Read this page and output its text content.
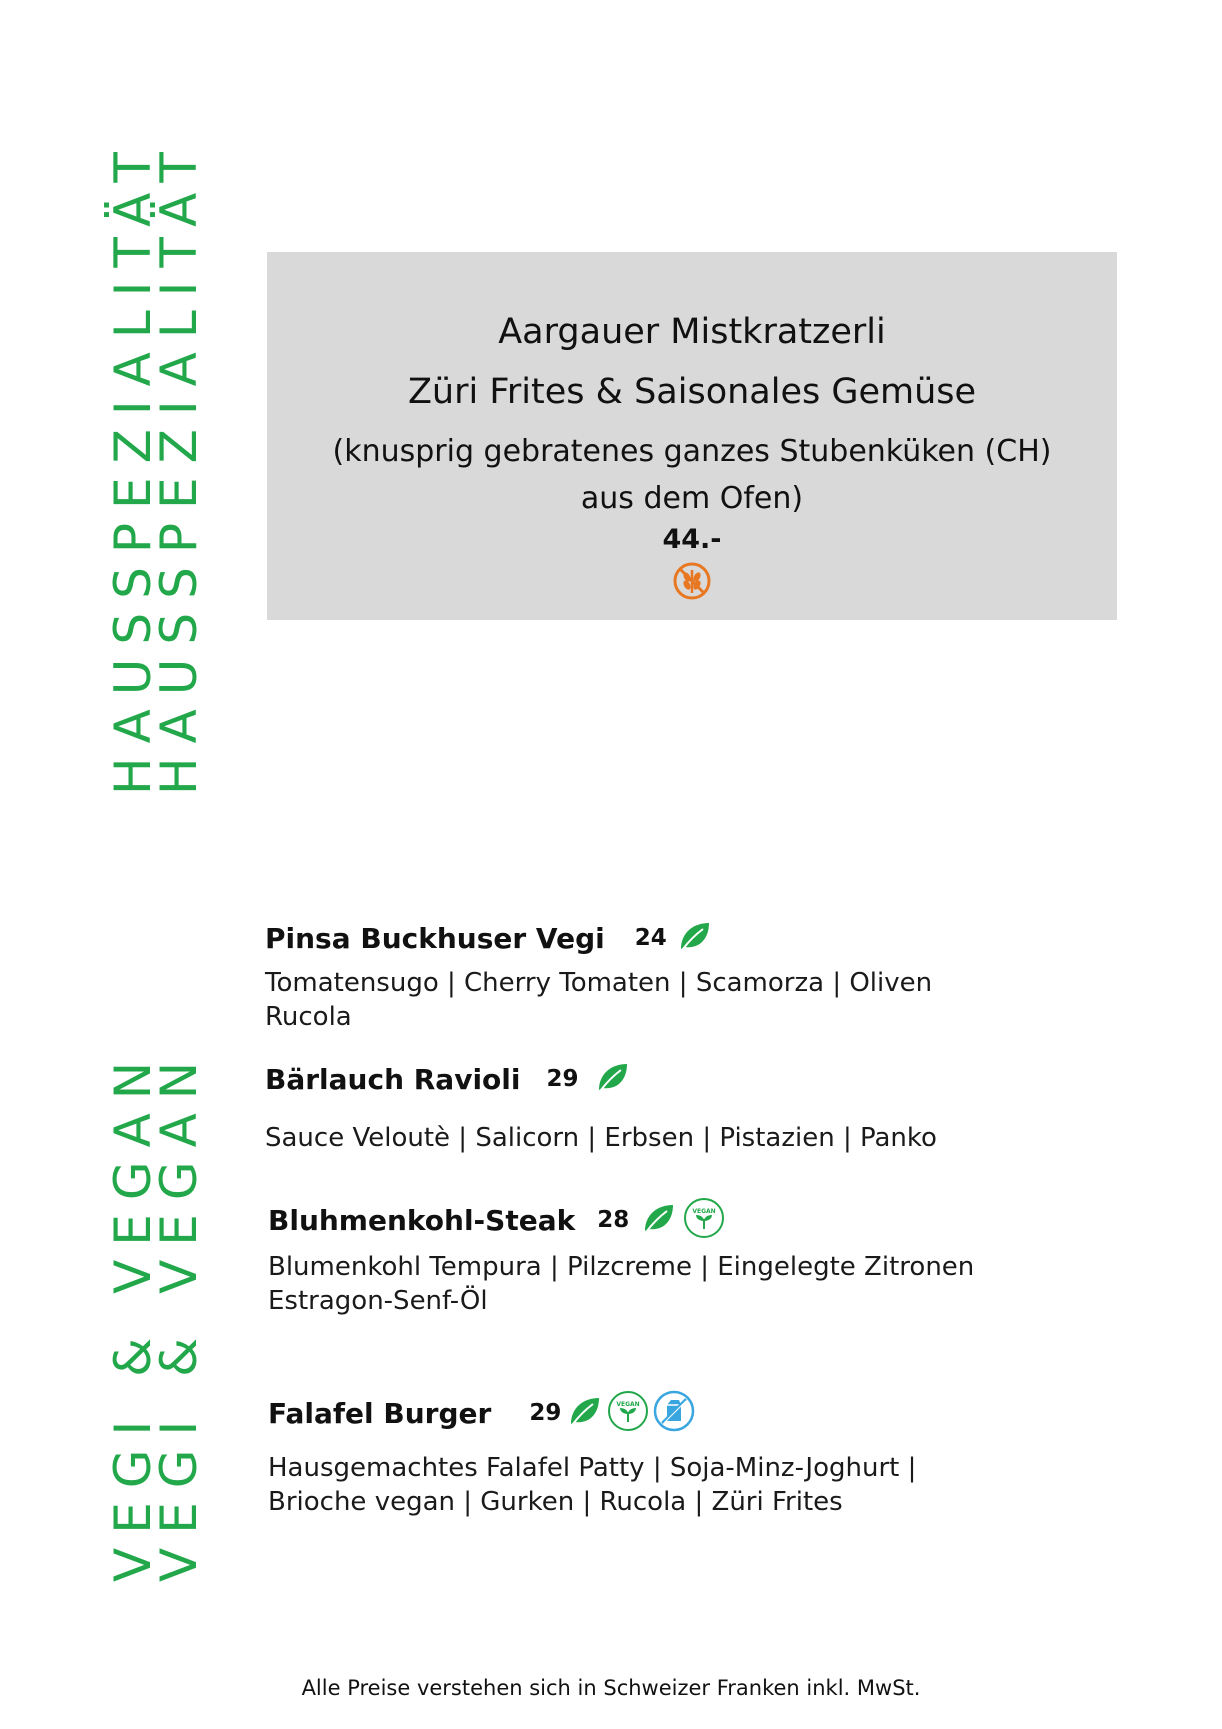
HAUSSPEZIALITÄT
HAUSSPEZIALITÄT
VEGI & VEGAN
VEGI & VEGAN
Aargauer Mistkratzerli
Züri Frites & Saisonales Gemüse
(knusprig gebratenes ganzes Stubenküken (CH)
aus dem Ofen)
44.-
Pinsa Buckhuser Vegi 24
Tomatensugo | Cherry Tomaten | Scamorza | Oliven
Rucola
Bärlauch Ravioli 29
Sauce Veloutè | Salicorn | Erbsen | Pistazien | Panko
Bluhmenkohl-Steak 28	VEGAN
Blumenkohl Tempura | Pilzcreme | Eingelegte Zitronen
Estragon-Senf-Öl
Falafel Burger 29	VEGAN
Hausgemachtes Falafel Patty | Soja-Minz-Joghurt |
Brioche vegan | Gurken | Rucola | Züri Frites
Alle Preise verstehen sich in Schweizer Franken inkl. MwSt.
